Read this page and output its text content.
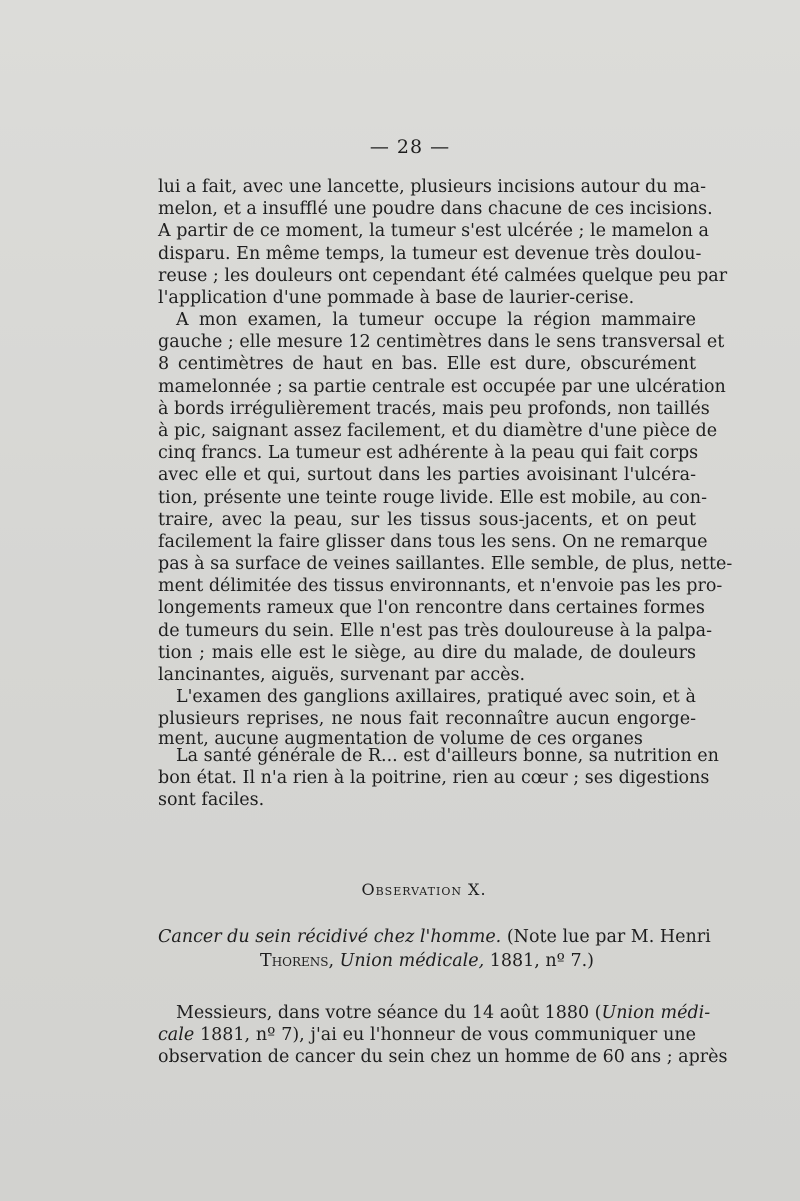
— 28 —
lui a fait, avec une lancette, plusieurs incisions autour du ma-
melon, et a insufflé une poudre dans chacune de ces incisions.
A partir de ce moment, la tumeur s'est ulcérée ; le mamelon a
disparu. En même temps, la tumeur est devenue très doulou-
reuse ; les douleurs ont cependant été calmées quelque peu par
l'application d'une pommade à base de laurier-cerise.
A mon examen, la tumeur occupe la région mammaire
gauche ; elle mesure 12 centimètres dans le sens transversal et
8 centimètres de haut en bas. Elle est dure, obscurément
mamelonnée ; sa partie centrale est occupée par une ulcération
à bords irrégulièrement tracés, mais peu profonds, non taillés
à pic, saignant assez facilement, et du diamètre d'une pièce de
cinq francs. La tumeur est adhérente à la peau qui fait corps
avec elle et qui, surtout dans les parties avoisinant l'ulcéra-
tion, présente une teinte rouge livide. Elle est mobile, au con-
traire, avec la peau, sur les tissus sous-jacents, et on peut
facilement la faire glisser dans tous les sens. On ne remarque
pas à sa surface de veines saillantes. Elle semble, de plus, nette-
ment délimitée des tissus environnants, et n'envoie pas les pro-
longements rameux que l'on rencontre dans certaines formes
de tumeurs du sein. Elle n'est pas très douloureuse à la palpa-
tion ; mais elle est le siège, au dire du malade, de douleurs
lancinantes, aiguës, survenant par accès.
L'examen des ganglions axillaires, pratiqué avec soin, et à
plusieurs reprises, ne nous fait reconnaître aucun engorge-
ment, aucune augmentation de volume de ces organes
La santé générale de R... est d'ailleurs bonne, sa nutrition en
bon état. Il n'a rien à la poitrine, rien au cœur ; ses digestions
sont faciles.
Observation X.
Cancer du sein récidivé chez l'homme. (Note lue par M. Henri
Thorens, Union médicale, 1881, nº 7.)
Messieurs, dans votre séance du 14 août 1880 (Union médi-
cale 1881, nº 7), j'ai eu l'honneur de vous communiquer une
observation de cancer du sein chez un homme de 60 ans ; après
